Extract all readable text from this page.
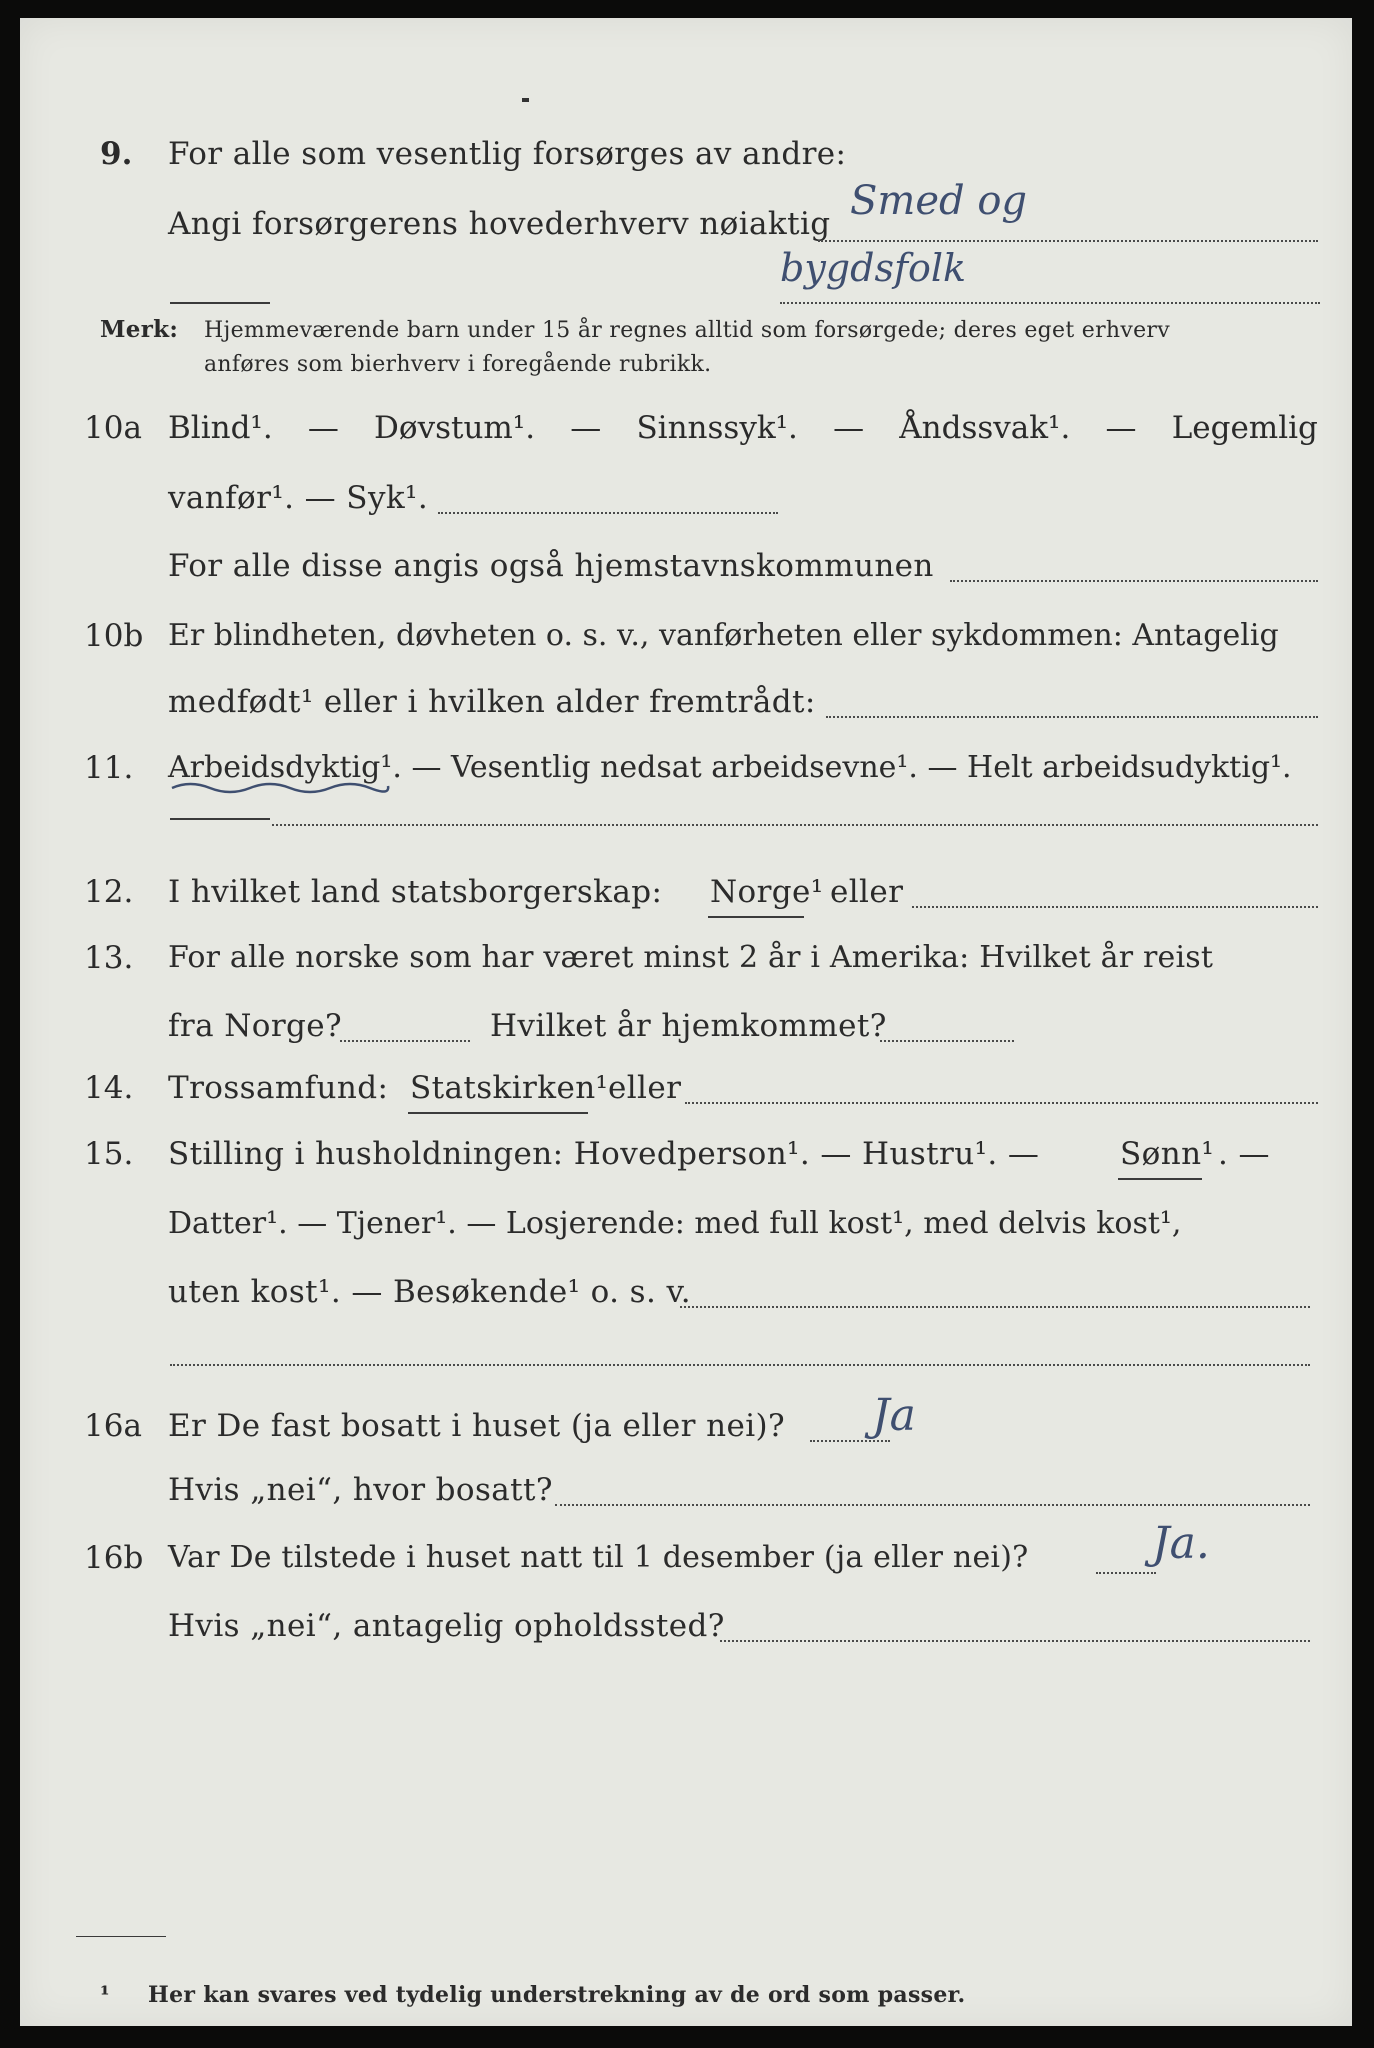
9. For alle som vesentlig forsørges av andre:
Angi forsørgerens hovederhverv nøiaktig Smed og
bygdsfolk
Merk: Hjemmeværende barn under 15 år regnes alltid som forsørgede; deres eget erhverv
anføres som bierhverv i foregående rubrikk.
10a Blind¹. — Døvstum¹. — Sinnssyk¹. — Åndssvak¹. — Legemlig
vanfør¹. — Syk¹.
For alle disse angis også hjemstavnskommunen
10b Er blindheten, døvheten o. s. v., vanførheten eller sykdommen: Antagelig
medfødt¹ eller i hvilken alder fremtrådt:
11. Arbeidsdyktig¹. — Vesentlig nedsat arbeidsevne¹. — Helt arbeidsudyktig¹.
12. I hvilket land statsborgerskap: Norge¹ eller
13. For alle norske som har været minst 2 år i Amerika: Hvilket år reist
fra Norge?	Hvilket år hjemkommet?
14. Trossamfund: Statskirken¹ eller
15. Stilling i husholdningen: Hovedperson¹. — Hustru¹. —	Sønn¹ . —
Datter¹. — Tjener¹. — Losjerende: med full kost¹, med delvis kost¹,
uten kost¹. — Besøkende¹ o. s. v.
16a Er De fast bosatt i huset (ja eller nei)? Ja
Hvis „nei“, hvor bosatt?
16b Var De tilstede i huset natt til 1 desember (ja eller nei)?	Ja.
Hvis „nei“, antagelig opholdssted?
¹ Her kan svares ved tydelig understrekning av de ord som passer.
